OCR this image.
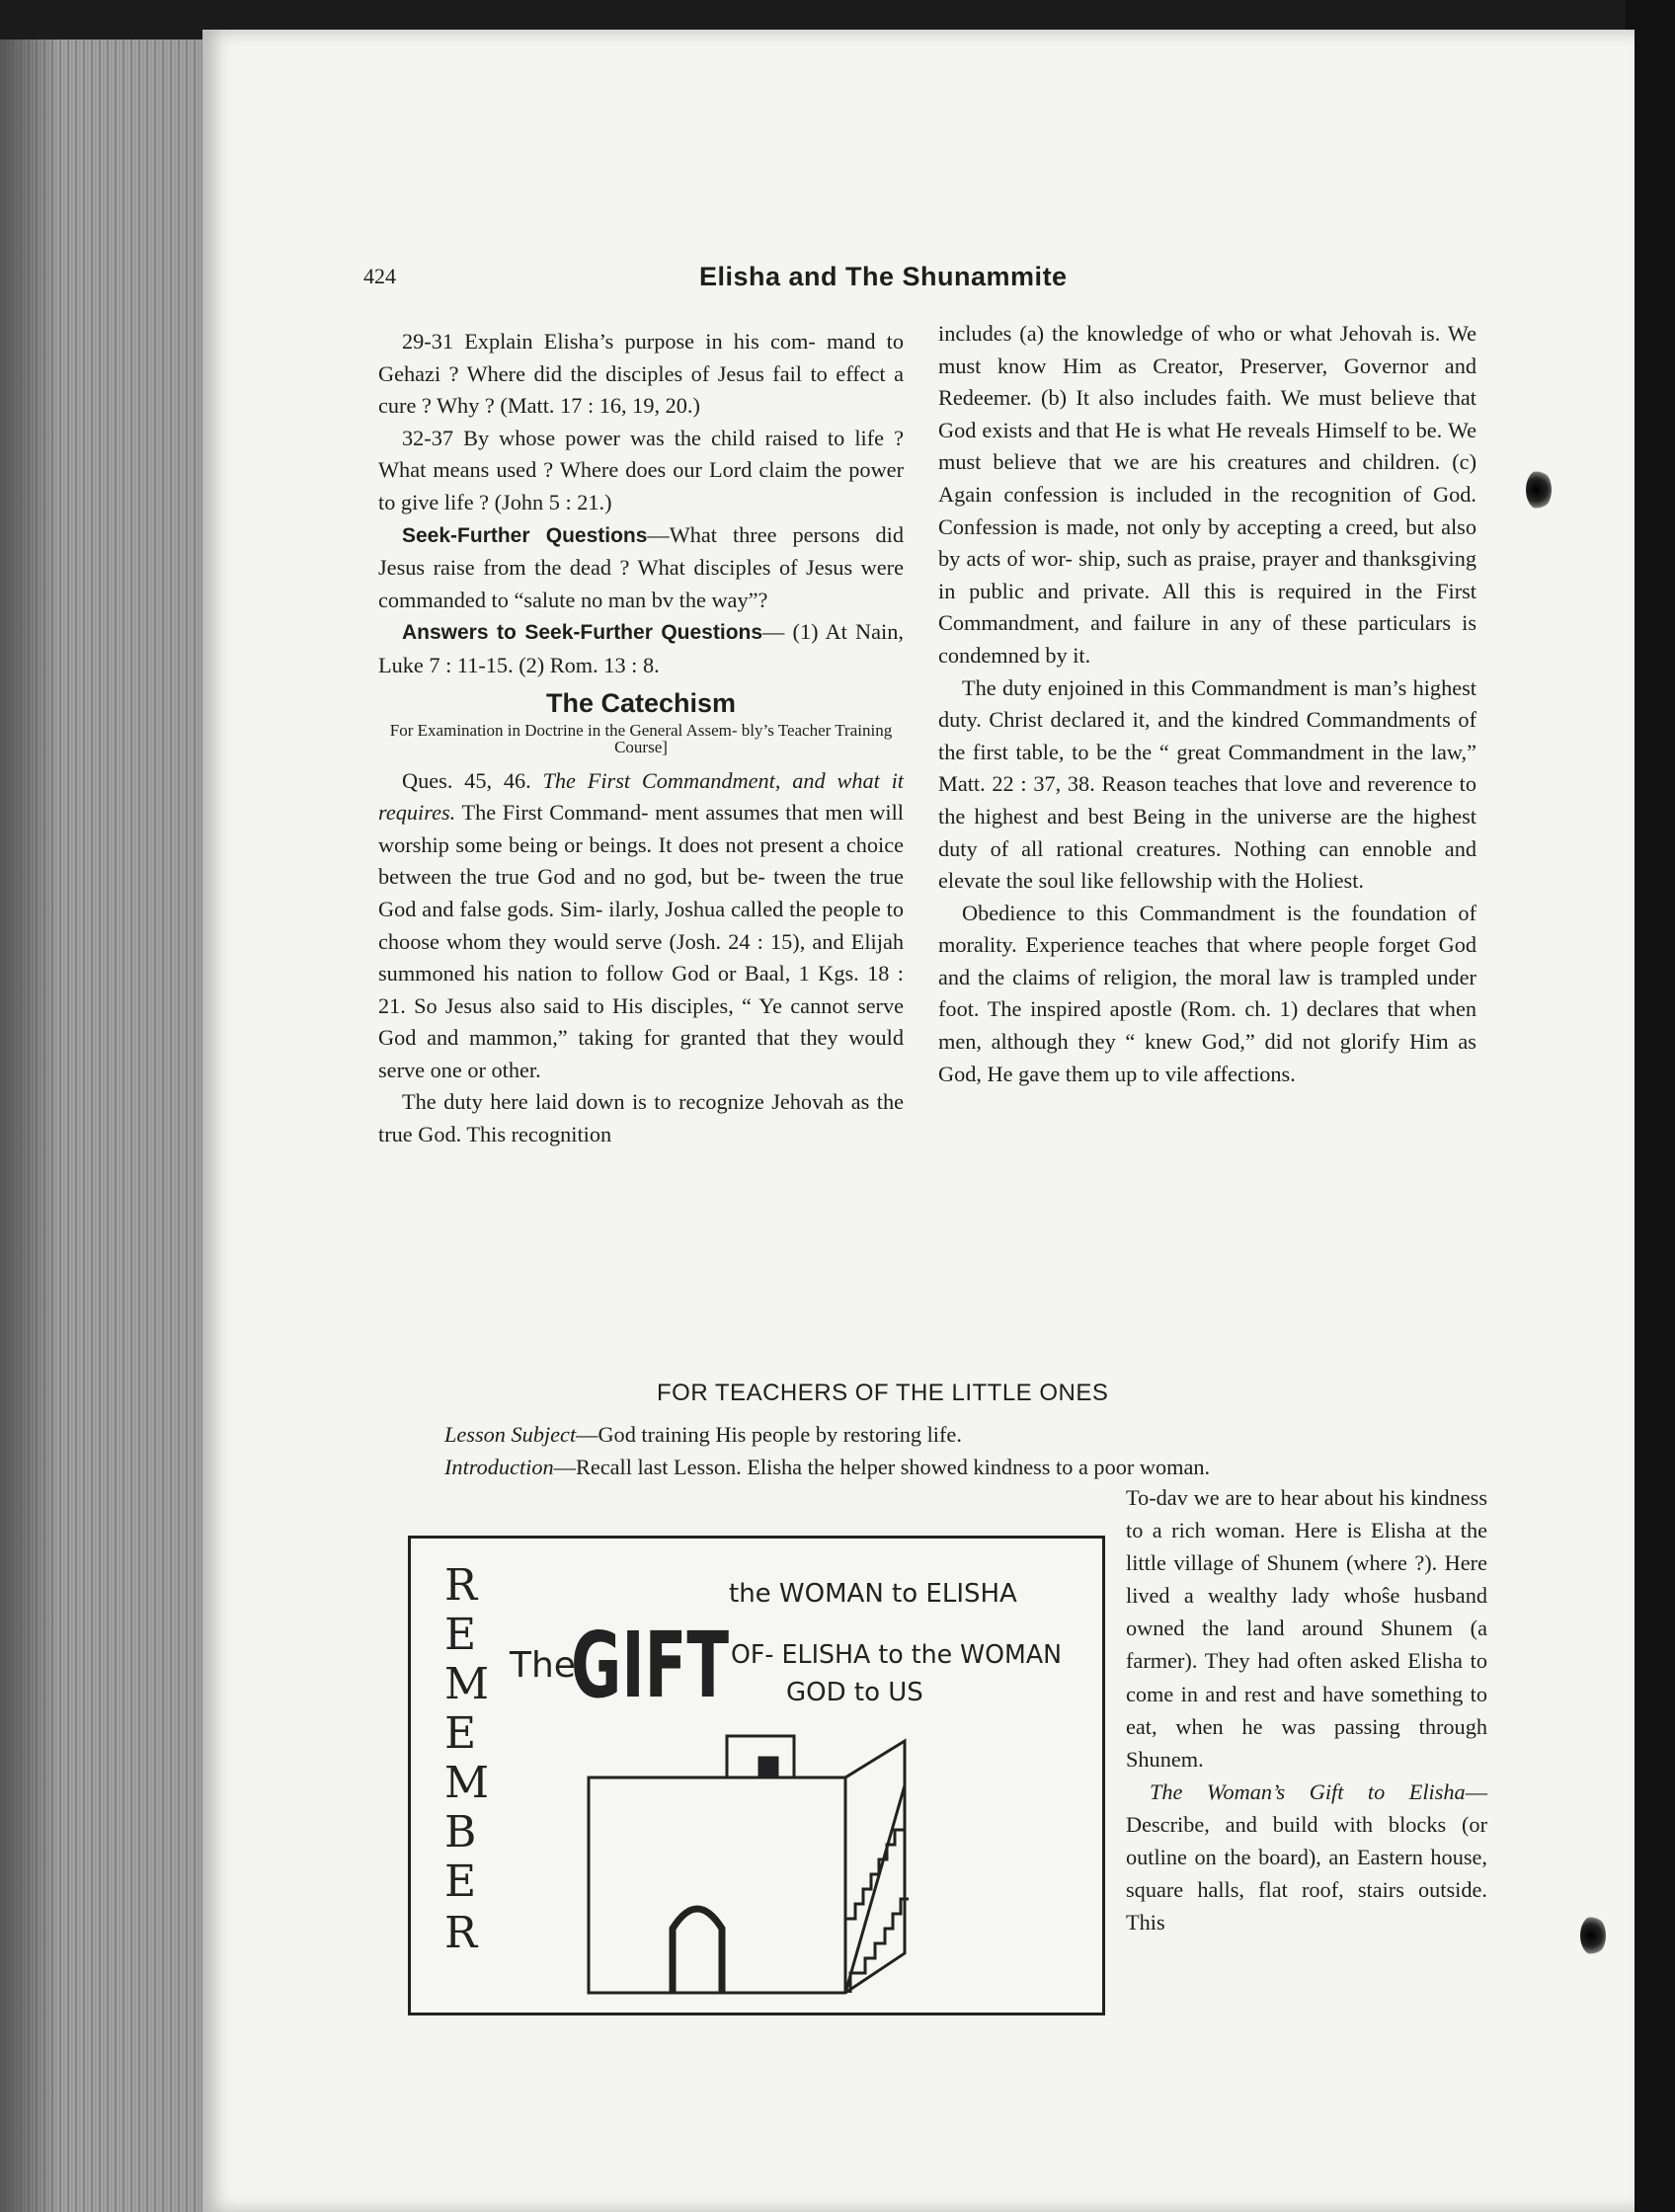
424	Elisha and The Shunammite

29-31 Explain Elisha’s purpose in his com- mand to Gehazi ? Where did the disciples of Jesus fail to effect a cure ? Why ? (Matt. 17 : 16, 19, 20.)

32-37 By whose power was the child raised to life ? What means used ? Where does our Lord claim the power to give life ? (John 5 : 21.)

Seek-Further Questions—What three persons did Jesus raise from the dead ? What disciples of Jesus were commanded to “salute no man bv the way”?

Answers to Seek-Further Questions— (1) At Nain, Luke 7 : 11-15. (2) Rom. 13 : 8.

The Catechism
For Examination in Doctrine in the General Assem- bly’s Teacher Training Course]

Ques. 45, 46. The First Commandment, and what it requires. The First Command- ment assumes that men will worship some being or beings. It does not present a choice between the true God and no god, but be- tween the true God and false gods. Sim- ilarly, Joshua called the people to choose whom they would serve (Josh. 24 : 15), and Elijah summoned his nation to follow God or Baal, 1 Kgs. 18 : 21. So Jesus also said to His disciples, “ Ye cannot serve God and mammon,” taking for granted that they would serve one or other.

The duty here laid down is to recognize Jehovah as the true God. This recognition

includes (a) the knowledge of who or what Jehovah is. We must know Him as Creator, Preserver, Governor and Redeemer. (b) It also includes faith. We must believe that God exists and that He is what He reveals Himself to be. We must believe that we are his creatures and children. (c) Again confession is included in the recognition of God. Confession is made, not only by accepting a creed, but also by acts of wor- ship, such as praise, prayer and thanksgiving in public and private. All this is required in the First Commandment, and failure in any of these particulars is condemned by it.

The duty enjoined in this Commandment is man’s highest duty. Christ declared it, and the kindred Commandments of the first table, to be the “ great Commandment in the law,” Matt. 22 : 37, 38. Reason teaches that love and reverence to the highest and best Being in the universe are the highest duty of all rational creatures. Nothing can ennoble and elevate the soul like fellowship with the Holiest.

Obedience to this Commandment is the foundation of morality. Experience teaches that where people forget God and the claims of religion, the moral law is trampled under foot. The inspired apostle (Rom. ch. 1) declares that when men, although they “ knew God,” did not glorify Him as God, He gave them up to vile affections.

FOR TEACHERS OF THE LITTLE ONES
Lesson Subject—God training His people by restoring life.
Introduction—Recall last Lesson. Elisha the helper showed kindness to a poor woman.

To-dav we are to hear about his kindness to a rich woman. Here is Elisha at the little village of Shunem (where ?). Here lived a wealthy lady whoŝe husband owned the land around Shunem (a farmer). They had often asked Elisha to come in and rest and have something to eat, when he was passing through Shunem.

The Woman’s Gift to Elisha— Describe, and build with blocks (or outline on the board), an Eastern house, square halls, flat roof, stairs outside. This

R
E
M
E
M
B
E
R
The
GIFT
the WOMAN to ELISHA
OF- ELISHA to the WOMAN
GOD to US
